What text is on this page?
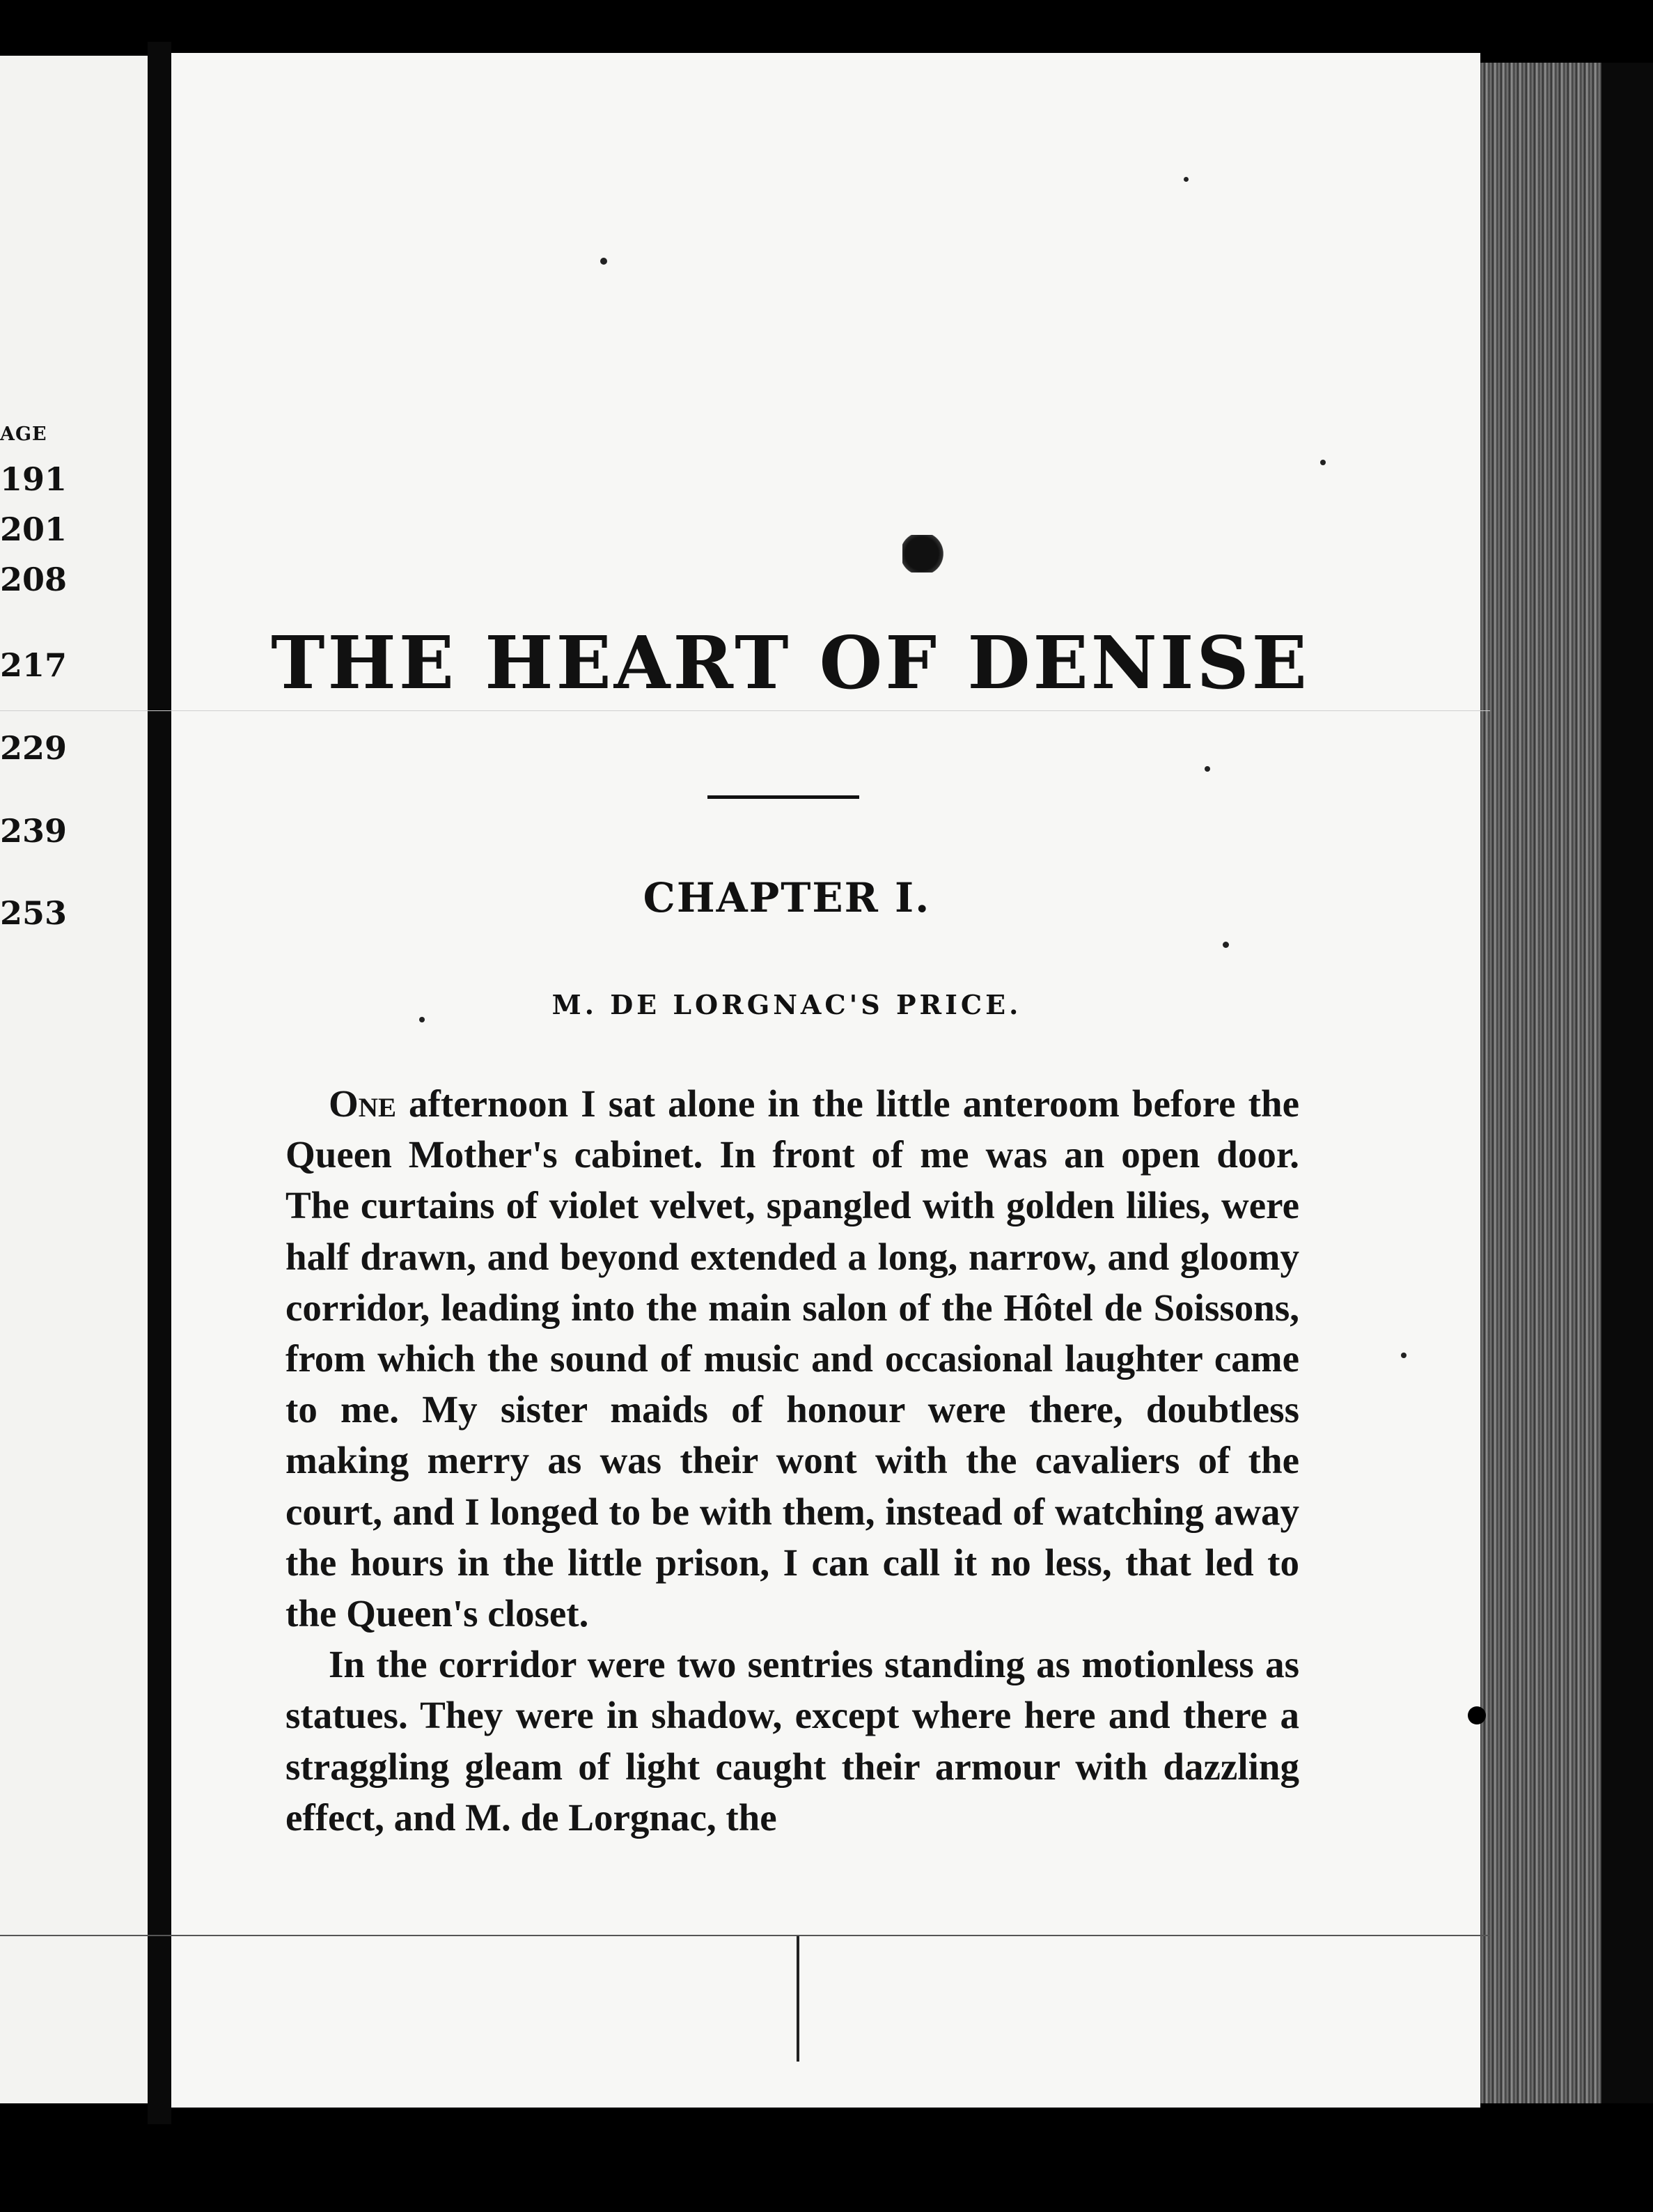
AGE
191
201
208
217
229
239
253
THE HEART OF DENISE
CHAPTER I.
M. DE LORGNAC'S PRICE.

One afternoon I sat alone in the little anteroom before the Queen Mother's cabinet. In front of me was an open door. The curtains of violet velvet, spangled with golden lilies, were half drawn, and beyond extended a long, narrow, and gloomy corridor, leading into the main salon of the Hôtel de Soissons, from which the sound of music and occasional laughter came to me. My sister maids of honour were there, doubtless making merry as was their wont with the cavaliers of the court, and I longed to be with them, instead of watching away the hours in the little prison, I can call it no less, that led to the Queen's closet.

In the corridor were two sentries standing as motionless as statues. They were in shadow, except where here and there a straggling gleam of light caught their armour with dazzling effect, and M. de Lorgnac, the
